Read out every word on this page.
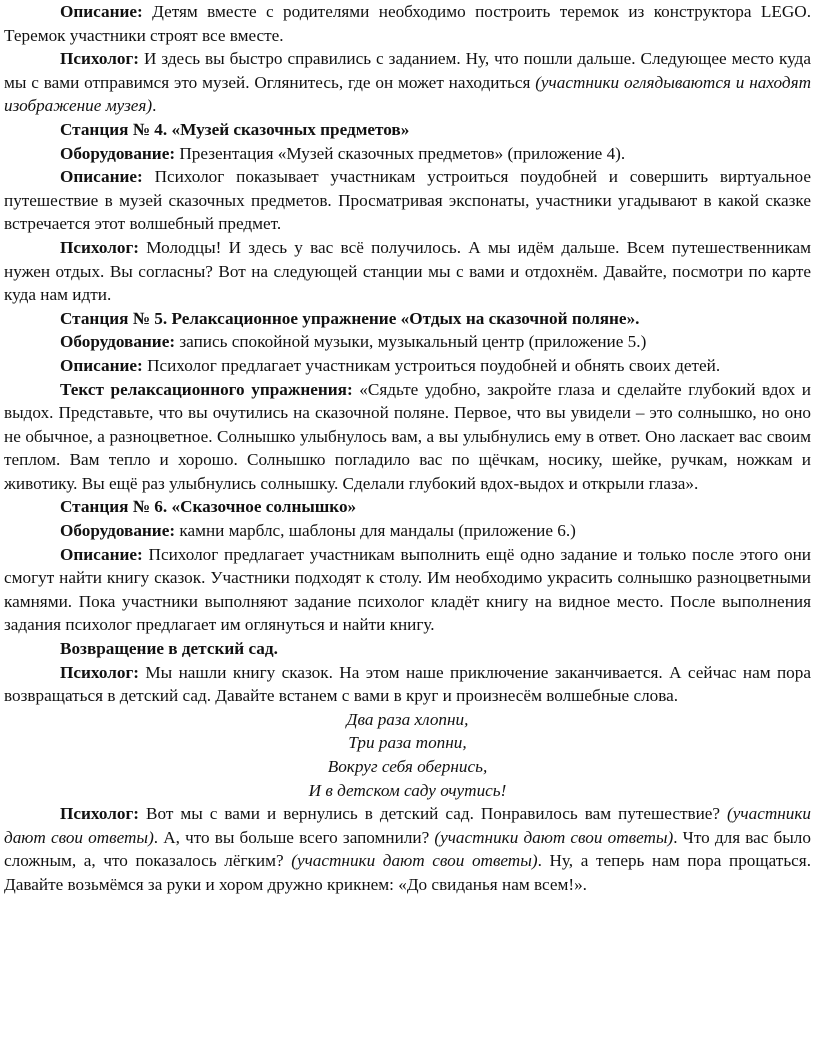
Описание: Детям вместе с родителями необходимо построить теремок из конструктора LEGO. Теремок участники строят все вместе.

Психолог: И здесь вы быстро справились с заданием. Ну, что пошли дальше. Следующее место куда мы с вами отправимся это музей. Оглянитесь, где он может находиться (участники оглядываются и находят изображение музея).

Станция № 4. «Музей сказочных предметов»

Оборудование: Презентация «Музей сказочных предметов» (приложение 4).

Описание: Психолог показывает участникам устроиться поудобней и совершить виртуальное путешествие в музей сказочных предметов. Просматривая экспонаты, участники угадывают в какой сказке встречается этот волшебный предмет.

Психолог: Молодцы! И здесь у вас всё получилось. А мы идём дальше. Всем путешественникам нужен отдых. Вы согласны? Вот на следующей станции мы с вами и отдохнём. Давайте, посмотри по карте куда нам идти.

Станция № 5. Релаксационное упражнение «Отдых на сказочной поляне».

Оборудование: запись спокойной музыки, музыкальный центр (приложение 5.)

Описание: Психолог предлагает участникам устроиться поудобней и обнять своих детей.

Текст релаксационного упражнения: «Сядьте удобно, закройте глаза и сделайте глубокий вдох и выдох. Представьте, что вы очутились на сказочной поляне. Первое, что вы увидели – это солнышко, но оно не обычное, а разноцветное. Солнышко улыбнулось вам, а вы улыбнулись ему в ответ. Оно ласкает вас своим теплом. Вам тепло и хорошо. Солнышко погладило вас по щёчкам, носику, шейке, ручкам, ножкам и животику. Вы ещё раз улыбнулись солнышку. Сделали глубокий вдох-выдох и открыли глаза».

Станция № 6. «Сказочное солнышко»

Оборудование: камни марблс, шаблоны для мандалы (приложение 6.)

Описание: Психолог предлагает участникам выполнить ещё одно задание и только после этого они смогут найти книгу сказок. Участники подходят к столу. Им необходимо украсить солнышко разноцветными камнями. Пока участники выполняют задание психолог кладёт книгу на видное место. После выполнения задания психолог предлагает им оглянуться и найти книгу.

Возвращение в детский сад.

Психолог: Мы нашли книгу сказок. На этом наше приключение заканчивается. А сейчас нам пора возвращаться в детский сад. Давайте встанем с вами в круг и произнесём волшебные слова.

Два раза хлопни,
Три раза топни,
Вокруг себя обернись,
И в детском саду очутись!

Психолог: Вот мы с вами и вернулись в детский сад. Понравилось вам путешествие? (участники дают свои ответы). А, что вы больше всего запомнили? (участники дают свои ответы). Что для вас было сложным, а, что показалось лёгким? (участники дают свои ответы). Ну, а теперь нам пора прощаться. Давайте возьмёмся за руки и хором дружно крикнем: «До свиданья нам всем!».
